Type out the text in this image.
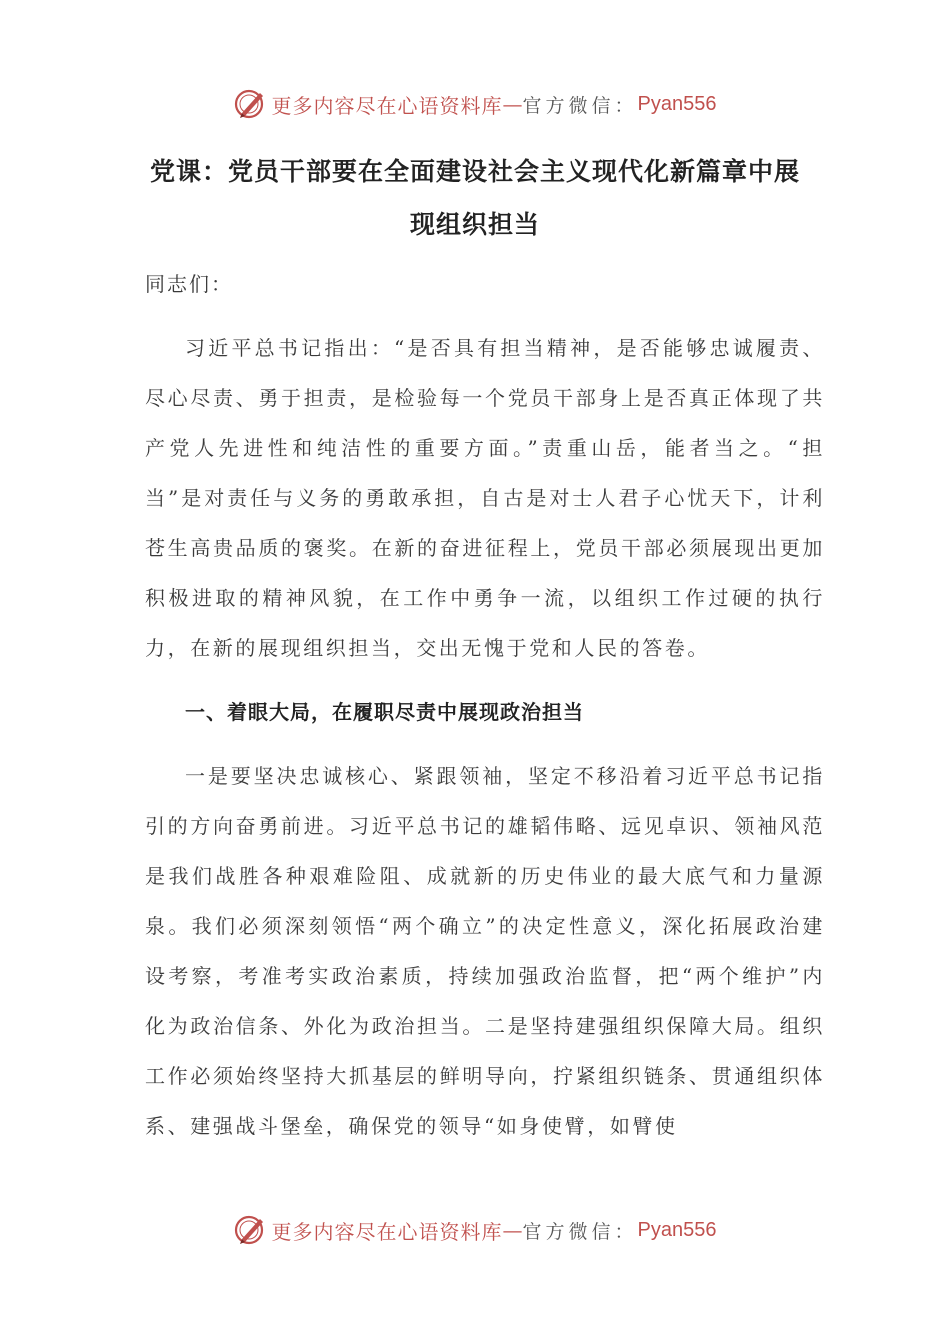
更多内容尽在心语资料库 — 官方微信： Pyan556
党课：党员干部要在全面建设社会主义现代化新篇章中展
现组织担当

同志们：

习近平总书记指出：“是否具有担当精神，是否能够忠诚履责、尽心尽责、勇于担责，是检验每一个党员干部身上是否真正体现了共产党人先进性和纯洁性的重要方面。”责重山岳，能者当之。“担当”是对责任与义务的勇敢承担，自古是对士人君子心忧天下，计利苍生高贵品质的褒奖。在新的奋进征程上，党员干部必须展现出更加积极进取的精神风貌，在工作中勇争一流，以组织工作过硬的执行力，在新的展现组织担当，交出无愧于党和人民的答卷。

一、着眼大局，在履职尽责中展现政治担当

一是要坚决忠诚核心、紧跟领袖，坚定不移沿着习近平总书记指引的方向奋勇前进。习近平总书记的雄韬伟略、远见卓识、领袖风范是我们战胜各种艰难险阻、成就新的历史伟业的最大底气和力量源泉。我们必须深刻领悟“两个确立”的决定性意义，深化拓展政治建设考察，考准考实政治素质，持续加强政治监督，把“两个维护”内化为政治信条、外化为政治担当。二是坚持建强组织保障大局。组织工作必须始终坚持大抓基层的鲜明导向，拧紧组织链条、贯通组织体系、建强战斗堡垒，确保党的领导“如身使臂，如臂使

更多内容尽在心语资料库 — 官方微信： Pyan556
